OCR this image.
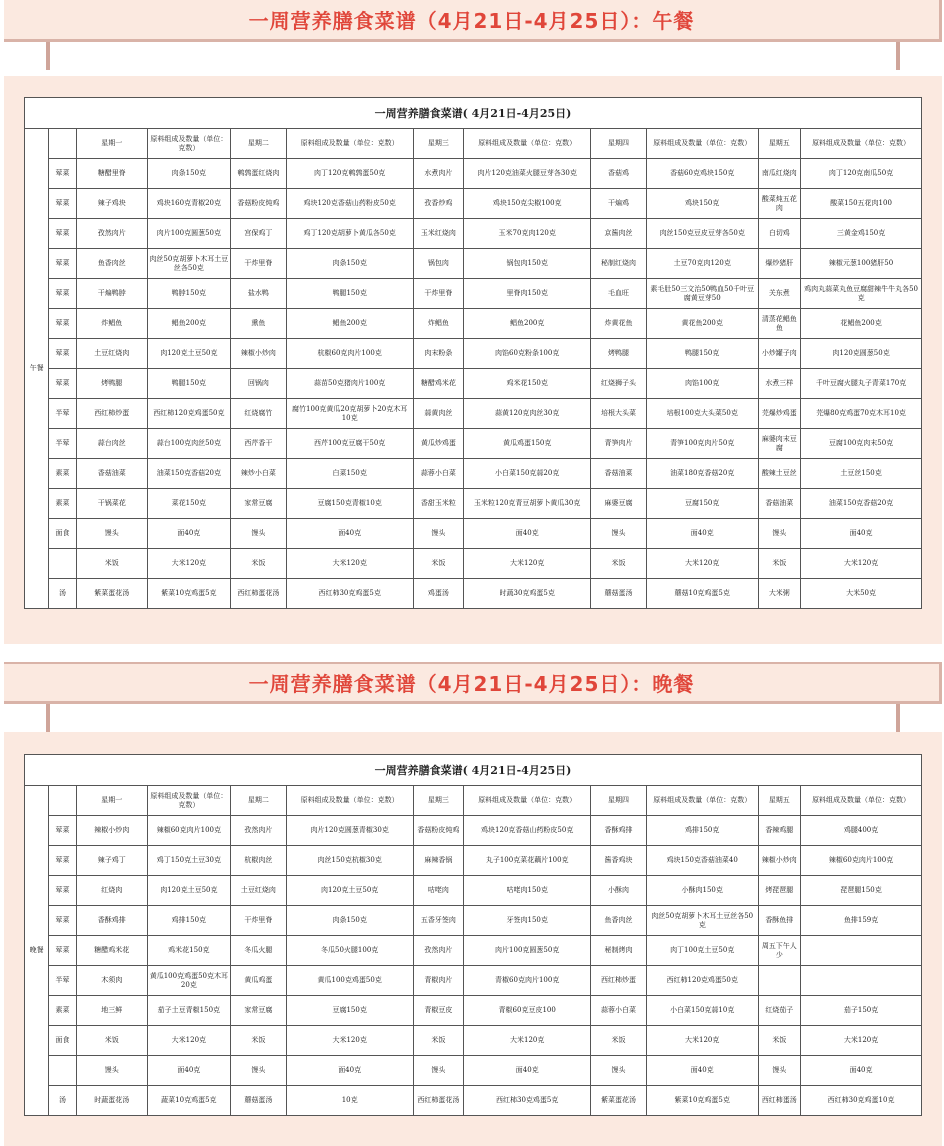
一周营养膳食菜谱（4月21日-4月25日）：午餐
一周营养膳食菜谱( 4月21日-4月25日)											
午餐		星期一	原料组成及数量（单位：克数）	星期二	原料组成及数量（单位：克数）	星期三	原料组成及数量（单位：克数）	星期四	原料组成及数量（单位：克数）	星期五	原料组成及数量（单位：克数）
	荤菜	糖醋里脊	肉条150克	鹌鹑蛋红烧肉	肉丁120克鹌鹑蛋50克	水煮肉片	肉片120克油菜火腿豆芽各30克	香菇鸡	香菇60克鸡块150克	南瓜红烧肉	肉丁120克南瓜50克
	荤菜	辣子鸡块	鸡块160克青椒20克	香菇粉皮炖鸡	鸡块120克香菇山药粉皮50克	孜香炒鸡	鸡块150克尖椒100克	干煸鸡	鸡块150克	酸菜炖五花肉	酸菜150五花肉100
	荤菜	孜然肉片	肉片100克圆葱50克	宫保鸡丁	鸡丁120克胡萝卜黄瓜各50克	玉米红烧肉	玉米70克肉120克	京酱肉丝	肉丝150克豆皮豆芽各50克	白切鸡	三黄金鸡150克
	荤菜	鱼香肉丝	肉丝50克胡萝卜木耳土豆丝各50克	干炸里脊	肉条150克	锅包肉	锅包肉150克	秘制红烧肉	土豆70克肉120克	爆炒猪肝	辣椒元葱100猪肝50
	荤菜	干煸鸭脖	鸭脖150克	盐水鸭	鸭腿150克	干炸里脊	里脊肉150克	毛血旺	素毛肚50三文治50鸭血50千叶豆腐黄豆芽50	关东煮	鸡肉丸蒜菜丸鱼豆腐甜辣牛牛丸各50克
	荤菜	炸鲳鱼	鲳鱼200克	熏鱼	鲳鱼200克	炸鲳鱼	鲳鱼200克	炸黄花鱼	黄花鱼200克	清蒸花鲳鱼鱼	花鲳鱼200克
	荤菜	土豆红烧肉	肉120克土豆50克	辣椒小炒肉	杭椒60克肉片100克	肉末粉条	肉馅60克粉条100克	烤鸭腿	鸭腿150克	小炒罐子肉	肉120克圆葱50克
	荤菜	烤鸭腿	鸭腿150克	回锅肉	蒜苗50克猪肉片100克	糖醋鸡米花	鸡米花150克	红烧狮子头	肉馅100克	水煮三样	千叶豆腐火腿丸子青菜170克
	半荤	西红柿炒蛋	西红柿120克鸡蛋50克	红烧腐竹	腐竹100克黄瓜20克胡萝卜20克木耳10克	蒜黄肉丝	蒜黄120克肉丝30克	培根大头菜	培根100克大头菜50克	芫爆炒鸡蛋	芫爆80克鸡蛋70克木耳10克
	半荤	蒜台肉丝	蒜台100克肉丝50克	西芹香干	西芹100克豆腐干50克	黄瓜炒鸡蛋	黄瓜鸡蛋150克	青笋肉片	青笋100克肉片50克	麻婆肉末豆腐	豆腐100克肉末50克
	素菜	香菇油菜	油菜150克香菇20克	辣炒小白菜	白菜150克	蒜蓉小白菜	小白菜150克蒜20克	香菇油菜	油菜180克香菇20克	酸辣土豆丝	土豆丝150克
	素菜	干锅菜花	菜花150克	家常豆腐	豆腐150克青椒10克	香甜玉米粒	玉米粒120克青豆胡萝卜黄瓜30克	麻婆豆腐	豆腐150克	香菇油菜	油菜150克香菇20克
	面食	馒头	面40克	馒头	面40克	馒头	面40克	馒头	面40克	馒头	面40克
		米饭	大米120克	米饭	大米120克	米饭	大米120克	米饭	大米120克	米饭	大米120克
	汤	紫菜蛋花汤	紫菜10克鸡蛋5克	西红柿蛋花汤	西红柿30克鸡蛋5克	鸡蛋汤	时蔬30克鸡蛋5克	蘑菇蛋汤	蘑菇10克鸡蛋5克	大米粥	大米50克
一周营养膳食菜谱（4月21日-4月25日）：晚餐
一周营养膳食菜谱( 4月21日-4月25日)											
晚餐		星期一	原料组成及数量（单位：克数）	星期二	原料组成及数量（单位：克数）	星期三	原料组成及数量（单位：克数）	星期四	原料组成及数量（单位：克数）	星期五	原料组成及数量（单位：克数）
	荤菜	辣椒小炒肉	辣椒60克肉片100克	孜然肉片	肉片120克圆葱青椒30克	香菇粉皮炖鸡	鸡块120克香菇山药粉皮50克	香酥鸡排	鸡排150克	香辣鸡腿	鸡腿400克
	荤菜	辣子鸡丁	鸡丁150克土豆30克	杭椒肉丝	肉丝150克杭椒30克	麻辣香锅	丸子100克菜花藕片100克	酱香鸡块	鸡块150克香菇油菜40	辣椒小炒肉	辣椒60克肉片100克
	荤菜	红烧肉	肉120克土豆50克	土豆红烧肉	肉120克土豆50克	咕咾肉	咕咾肉150克	小酥肉	小酥肉150克	烤琵琶腿	琵琶腿150克
	荤菜	香酥鸡排	鸡排150克	干炸里脊	肉条150克	五香牙签肉	牙签肉150克	鱼香肉丝	肉丝50克胡萝卜木耳土豆丝各50克	香酥鱼排	鱼排159克
	荤菜	糖醋鸡米花	鸡米花150克	冬瓜火腿	冬瓜50火腿100克	孜然肉片	肉片100克圆葱50克	秘制烤肉	肉丁100克土豆50克	周五下午人少	
	半荤	木须肉	黄瓜100克鸡蛋50克木耳20克	黄瓜鸡蛋	黄瓜100克鸡蛋50克	青椒肉片	青椒60克肉片100克	西红柿炒蛋	西红柿120克鸡蛋50克		
	素菜	地三鲜	茄子土豆青椒150克	家常豆腐	豆腐150克	青椒豆皮	青椒60克豆皮100	蒜蓉小白菜	小白菜150克蒜10克	红烧茄子	茄子150克
	面食	米饭	大米120克	米饭	大米120克	米饭	大米120克	米饭	大米120克	米饭	大米120克
		馒头	面40克	馒头	面40克	馒头	面40克	馒头	面40克	馒头	面40克
	汤	时蔬蛋花汤	蔬菜10克鸡蛋5克	蘑菇蛋汤	10克	西红柿蛋花汤	西红柿30克鸡蛋5克	紫菜蛋花汤	紫菜10克鸡蛋5克	西红柿蛋汤	西红柿30克鸡蛋10克
